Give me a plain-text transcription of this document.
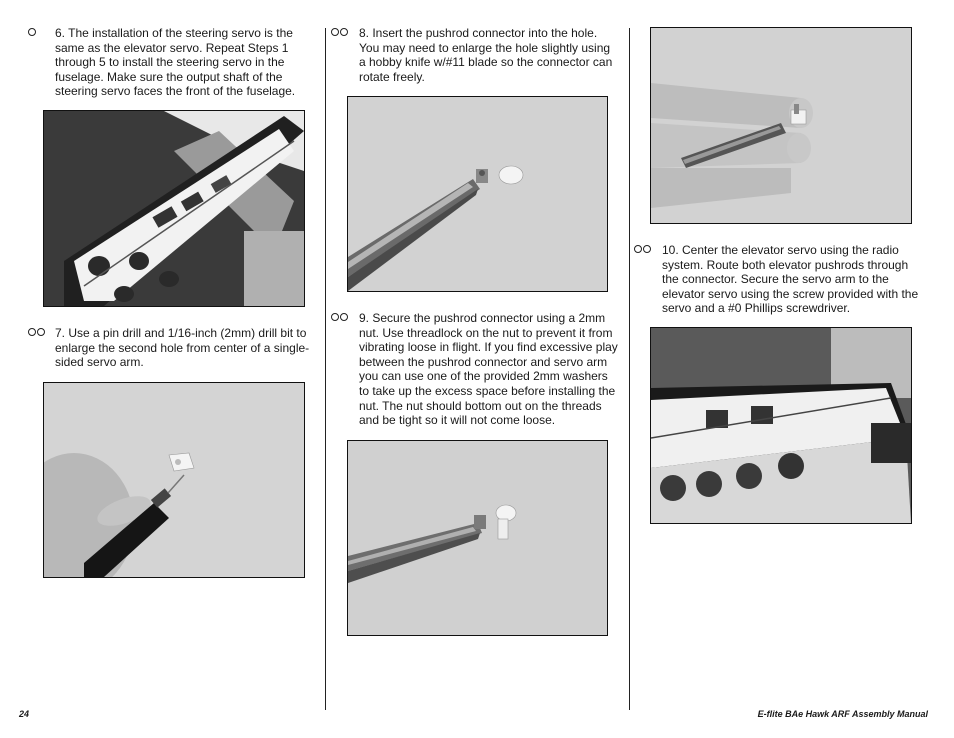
6. The installation of the steering servo is the same as the elevator servo. Repeat Steps 1 through 5 to install the steering servo in the fuselage. Make sure the output shaft of the steering servo faces the front of the fuselage.
7. Use a pin drill and 1/16-inch (2mm) drill bit to enlarge the second hole from center of a single-sided servo arm.
8. Insert the pushrod connector into the hole. You may need to enlarge the hole slightly using a hobby knife w/#11 blade so the connector can rotate freely.
9. Secure the pushrod connector using a 2mm nut. Use threadlock on the nut to prevent it from vibrating loose in flight. If you find excessive play between the pushrod connector and servo arm you can use one of the provided 2mm washers to take up the excess space before installing the nut. The nut should bottom out on the threads and be tight so it will not come loose.
10. Center the elevator servo using the radio system. Route both elevator pushrods through the connector. Secure the servo arm to the elevator servo using the screw provided with the servo and a #0 Phillips screwdriver.
24	E-flite BAe Hawk ARF Assembly Manual
